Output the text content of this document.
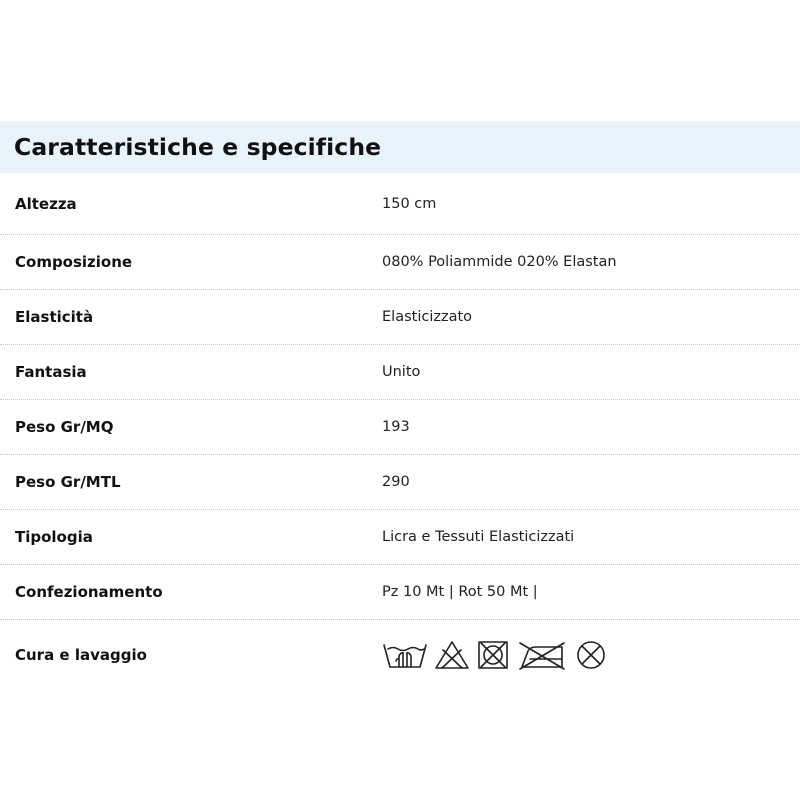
Caratteristiche e specifiche
Altezza	150 cm
Composizione	080% Poliammide 020% Elastan
Elasticità	Elasticizzato
Fantasia	Unito
Peso Gr/MQ	193
Peso Gr/MTL	290
Tipologia	Licra e Tessuti Elasticizzati
Confezionamento	Pz 10 Mt | Rot 50 Mt |
Cura e lavaggio
